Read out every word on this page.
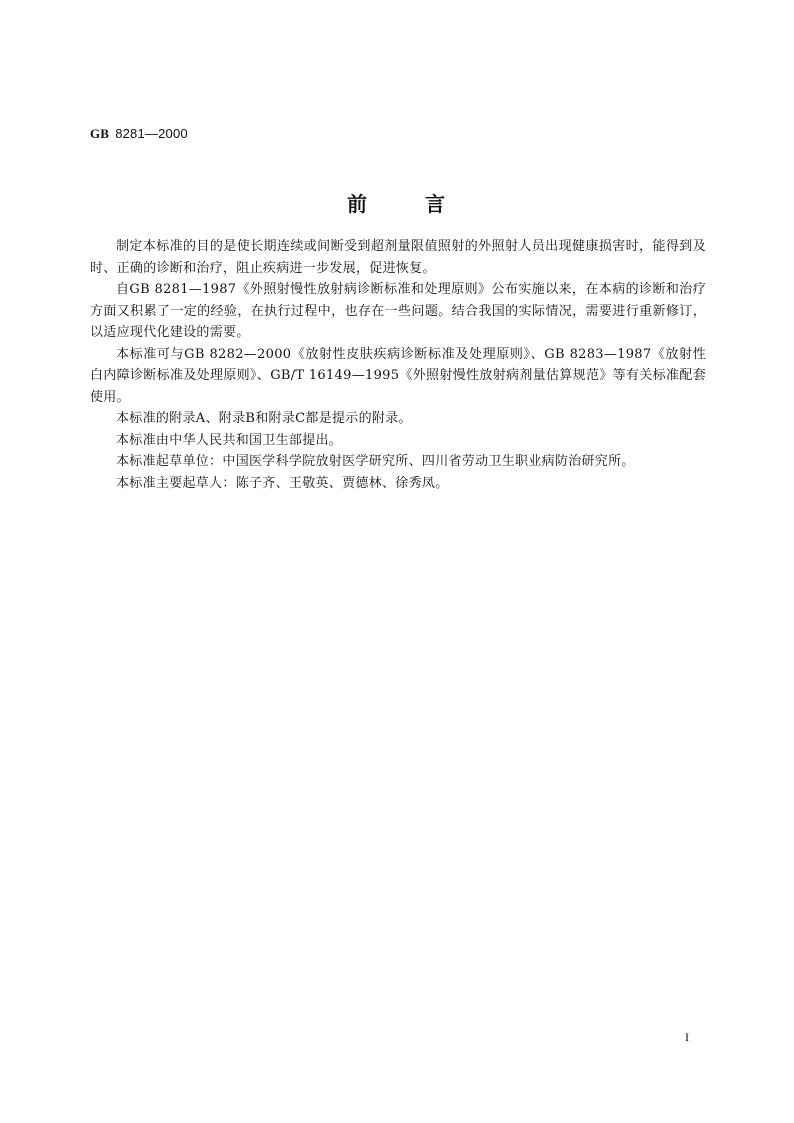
GB 8281—2000
前	言

制定本标准的目的是使长期连续或间断受到超剂量限值照射的外照射人员出现健康损害时，能得到及时、正确的诊断和治疗，阻止疾病进一步发展，促进恢复。

自GB 8281—1987《外照射慢性放射病诊断标准和处理原则》公布实施以来，在本病的诊断和治疗方面又积累了一定的经验，在执行过程中，也存在一些问题。结合我国的实际情况，需要进行重新修订，以适应现代化建设的需要。

本标准可与GB 8282—2000《放射性皮肤疾病诊断标准及处理原则》、GB 8283—1987《放射性白内障诊断标准及处理原则》、GB/T 16149—1995《外照射慢性放射病剂量估算规范》等有关标准配套使用。

本标准的附录A、附录B和附录C都是提示的附录。

本标准由中华人民共和国卫生部提出。

本标准起草单位：中国医学科学院放射医学研究所、四川省劳动卫生职业病防治研究所。

本标准主要起草人：陈子齐、王敬英、贾德林、徐秀凤。

I
